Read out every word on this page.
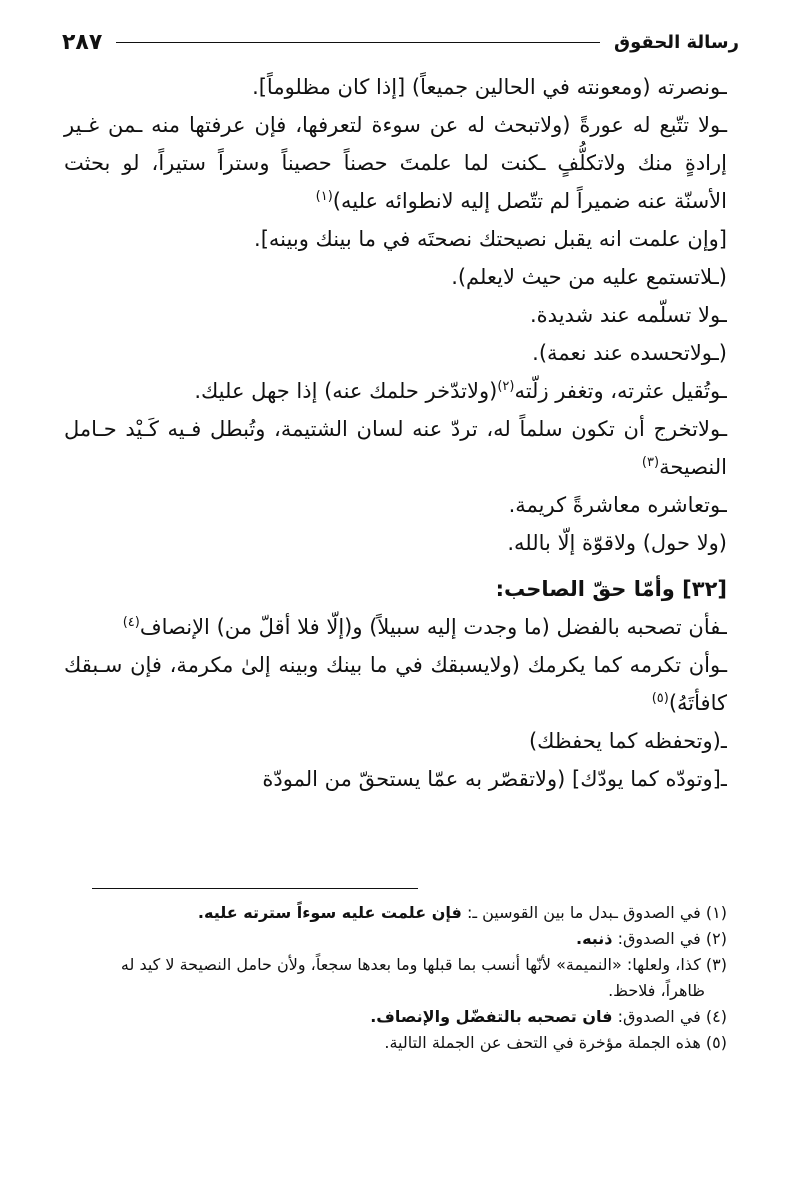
رسالة الحقوق
٢٨٧
ـونصرته (ومعونته في الحالين جميعاً) [إذا كان مظلوماً].
ـولا تتّبع له عورةً (ولاتبحث له عن سوءة لتعرفها، فإن عرفتها منه ـمن غـير إرادةٍ منك ولاتكلُّفٍ ـكنت لما علمتَ حصناً حصيناً وستراً ستيراً، لو بحثت الأسنّة عنه ضميراً لم تتّصل إليه لانطوائه عليه)$^{(١)}$
[وإن علمت انه يقبل نصيحتك نصحتَه في ما بينك وبينه].
(ـلاتستمع عليه من حيث لايعلم).
ـولا تسلّمه عند شديدة.
(ـولاتحسده عند نعمة).
ـوتُقيل عثرته، وتغفر زلّته$^{(٢)}$(ولاتدّخر حلمك عنه) إذا جهل عليك.
ـولاتخرج أن تكون سلماً له، تردّ عنه لسان الشتيمة، وتُبطل فـيه كَـيْد حـامل النصيحة$^{(٣)}$
ـوتعاشره معاشرةً كريمة.
(ولا حول) ولاقوّة إلّا بالله.
[٣٢] وأمّا حقّ الصاحب:
ـفأن تصحبه بالفضل (ما وجدت إليه سبيلاً) و(إلّا فلا أقلّ من) الإنصاف$^{(٤)}$
ـوأن تكرمه كما يكرمك (ولايسبقك في ما بينك وبينه إلىٰ مكرمة، فإن سـبقك كافأتَهُ)$^{(٥)}$
ـ(وتحفظه كما يحفظك)
ـ[وتودّه كما يودّك] (ولاتقصّر به عمّا يستحقّ من المودّة
(١) في الصدوق ـبدل ما بين القوسين ـ: فإن علمت عليه سوءاً سترته عليه.
(٢) في الصدوق: ذنبه.
(٣) كذا، ولعلها: «النميمة» لأنّها أنسب بما قبلها وما بعدها سجعاً، ولأن حامل النصيحة لا كيد له
ظاهراً، فلاحظ.
(٤) في الصدوق: فان تصحبه بالتفضّل والإنصاف.
(٥) هذه الجملة مؤخرة في التحف عن الجملة التالية.
